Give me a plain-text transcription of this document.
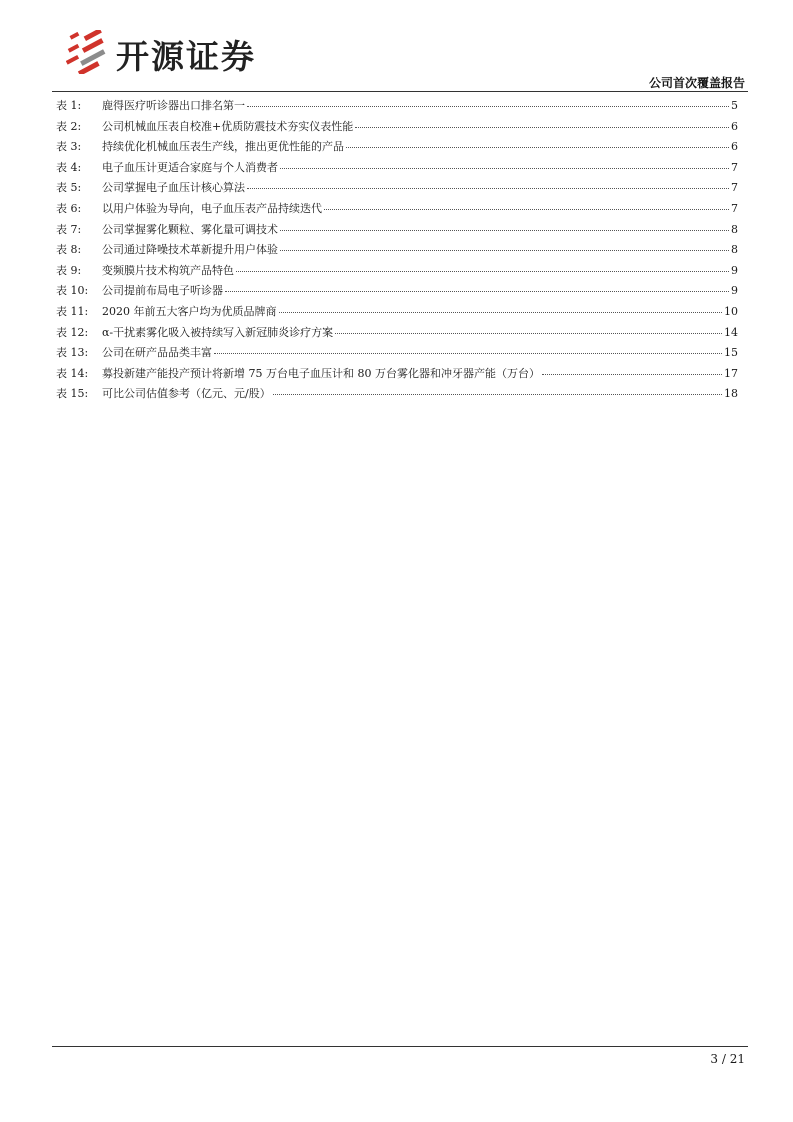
开源证券
公司首次覆盖报告
表 1:	鹿得医疗听诊器出口排名第一	5
表 2:	公司机械血压表自校准+优质防震技术夯实仪表性能	6
表 3:	持续优化机械血压表生产线，推出更优性能的产品	6
表 4:	电子血压计更适合家庭与个人消费者	7
表 5:	公司掌握电子血压计核心算法	7
表 6:	以用户体验为导向，电子血压表产品持续迭代	7
表 7:	公司掌握雾化颗粒、雾化量可调技术	8
表 8:	公司通过降噪技术革新提升用户体验	8
表 9:	变频膜片技术构筑产品特色	9
表 10:	公司提前布局电子听诊器	9
表 11:	2020 年前五大客户均为优质品牌商	10
表 12:	α-干扰素雾化吸入被持续写入新冠肺炎诊疗方案	14
表 13:	公司在研产品品类丰富	15
表 14:	募投新建产能投产预计将新增 75 万台电子血压计和 80 万台雾化器和冲牙器产能（万台）	17
表 15:	可比公司估值参考（亿元、元/股）	18
3 / 21
